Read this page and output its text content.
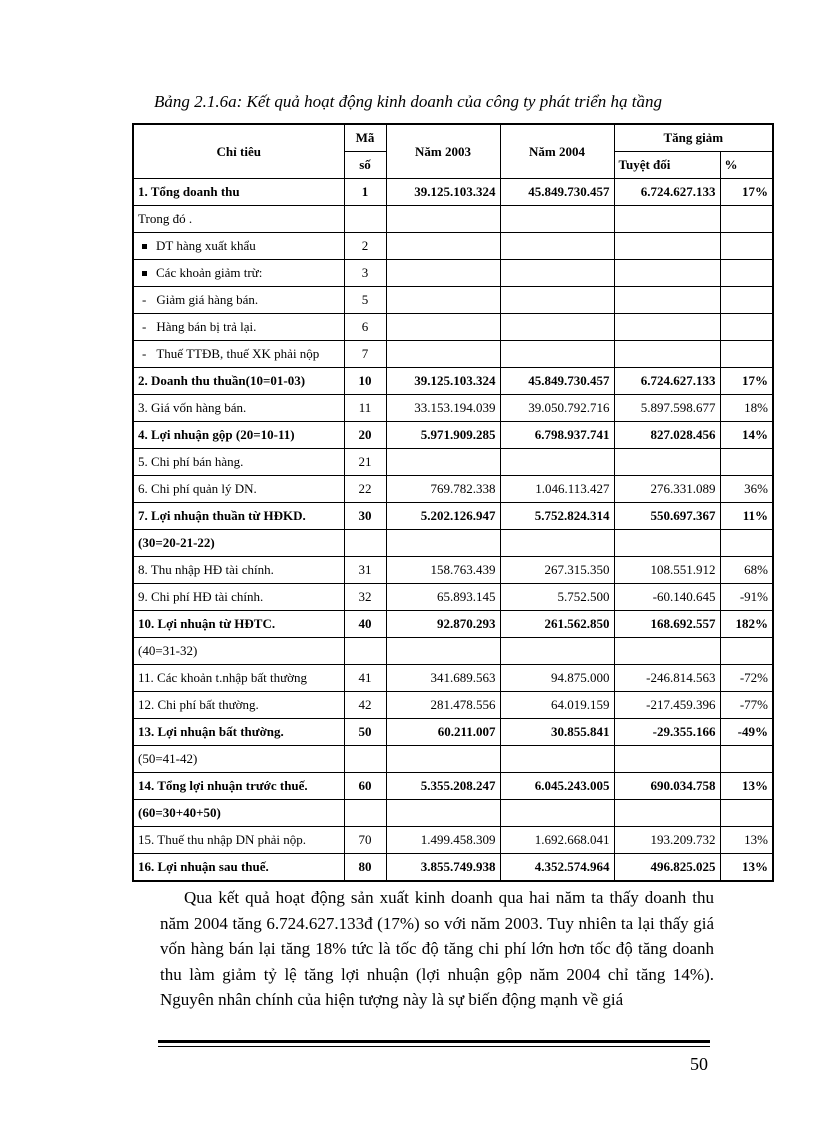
Bảng 2.1.6a: Kết quả hoạt động kinh doanh của công ty phát triển hạ tầng
Chỉ tiêu	Mã	Năm 2003	Năm 2004	Tăng giảm	
	số			Tuyệt đối	%
1. Tổng doanh thu	1	39.125.103.324	45.849.730.457	6.724.627.133	17%
Trong đó .					
DT hàng xuất khẩu	2				
Các khoản giảm trừ:	3				
- Giảm giá hàng bán.	5				
- Hàng bán bị trả lại.	6				
- Thuế TTĐB, thuế XK phải nộp	7				
2. Doanh thu thuần(10=01-03)	10	39.125.103.324	45.849.730.457	6.724.627.133	17%
3. Giá vốn hàng bán.	11	33.153.194.039	39.050.792.716	5.897.598.677	18%
4. Lợi nhuận gộp (20=10-11)	20	5.971.909.285	6.798.937.741	827.028.456	14%
5. Chi phí bán hàng.	21				
6. Chi phí quản lý DN.	22	769.782.338	1.046.113.427	276.331.089	36%
7. Lợi nhuận thuần từ HĐKD.	30	5.202.126.947	5.752.824.314	550.697.367	11%
(30=20-21-22)					
8. Thu nhập HĐ tài chính.	31	158.763.439	267.315.350	108.551.912	68%
9. Chi phí HĐ tài chính.	32	65.893.145	5.752.500	-60.140.645	-91%
10. Lợi nhuận từ HĐTC.	40	92.870.293	261.562.850	168.692.557	182%
(40=31-32)					
11. Các khoản t.nhập bất thường	41	341.689.563	94.875.000	-246.814.563	-72%
12. Chi phí bất thường.	42	281.478.556	64.019.159	-217.459.396	-77%
13. Lợi nhuận bất thường.	50	60.211.007	30.855.841	-29.355.166	-49%
(50=41-42)					
14. Tổng lợi nhuận trước thuế.	60	5.355.208.247	6.045.243.005	690.034.758	13%
(60=30+40+50)					
15. Thuế thu nhập DN phải nộp.	70	1.499.458.309	1.692.668.041	193.209.732	13%
16. Lợi nhuận sau thuế.	80	3.855.749.938	4.352.574.964	496.825.025	13%
Qua kết quả hoạt động sản xuất kinh doanh qua hai năm ta thấy doanh thu năm 2004 tăng 6.724.627.133đ (17%) so với năm 2003. Tuy nhiên ta lại thấy giá vốn hàng bán lại tăng 18% tức là tốc độ tăng chi phí lớn hơn tốc độ tăng doanh thu làm giảm tỷ lệ tăng lợi nhuận (lợi nhuận gộp năm 2004 chỉ tăng 14%). Nguyên nhân chính của hiện tượng này là sự biến động mạnh về giá
50
